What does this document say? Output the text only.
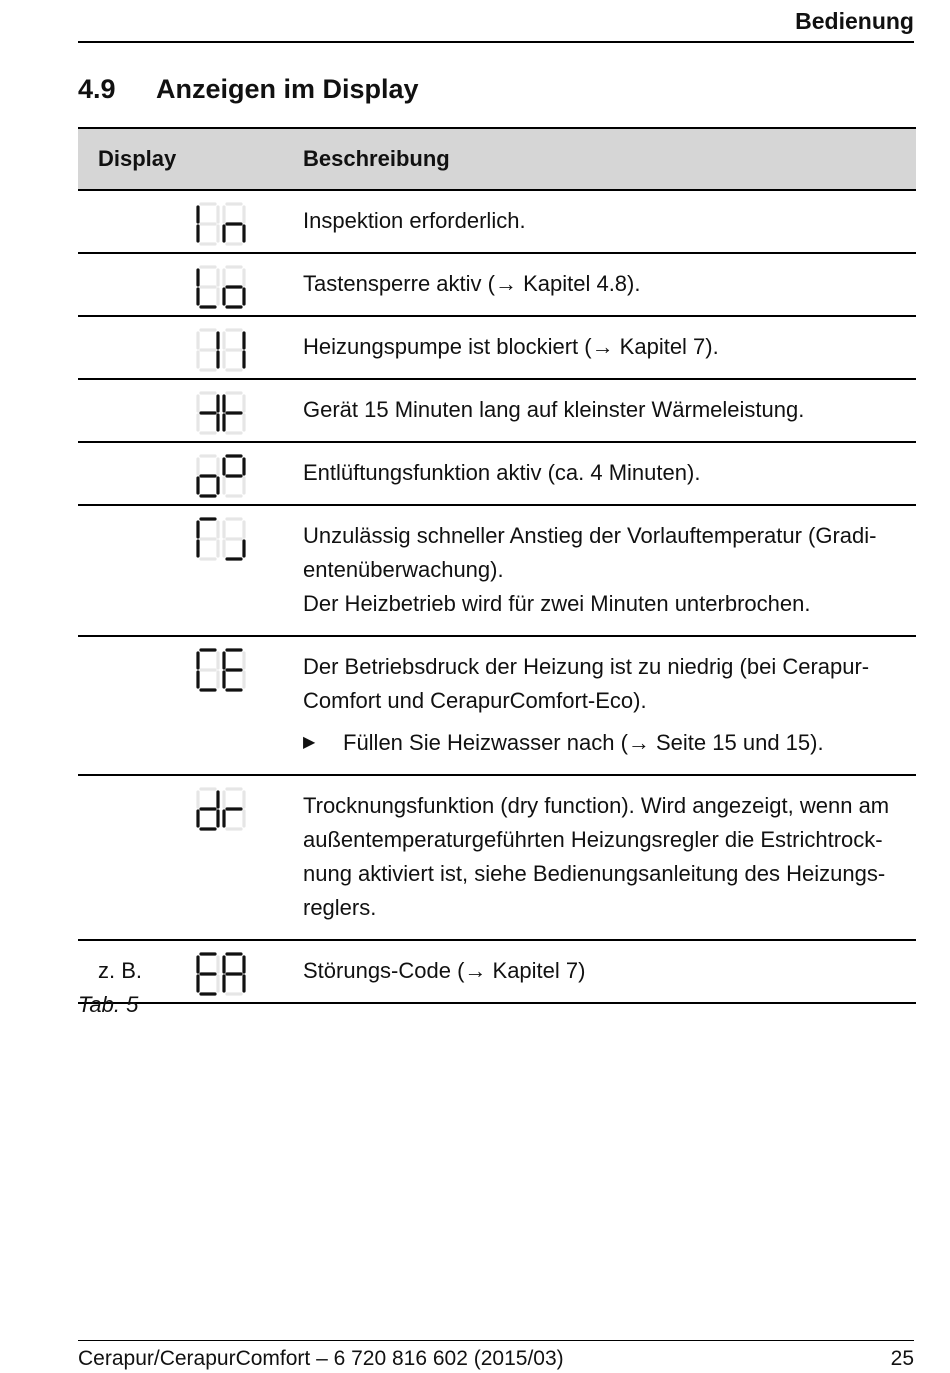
Bedienung
4.9 Anzeigen im Display
Display		Beschreibung

Inspektion erforderlich.

Tastensperre aktiv (→ Kapitel 4.8).

Heizungspumpe ist blockiert (→ Kapitel 7).

Gerät 15 Minuten lang auf kleinster Wärmeleistung.

Entlüftungsfunktion aktiv (ca. 4 Minuten).

Unzulässig schneller Anstieg der Vorlauftemperatur (Gradi-
entenüberwachung).
Der Heizbetrieb wird für zwei Minuten unterbrochen.

Der Betriebsdruck der Heizung ist zu niedrig (bei Cerapur-
Comfort und CerapurComfort-Eco).
▶ Füllen Sie Heizwasser nach (→ Seite 15 und 15).

Trocknungsfunktion (dry function). Wird angezeigt, wenn am
außentemperaturgeführten Heizungsregler die Estrichtrock-
nung aktiviert ist, siehe Bedienungsanleitung des Heizungs-
reglers.

z. B.		Störungs-Code (→ Kapitel 7)
Tab. 5
Cerapur/CerapurComfort – 6 720 816 602 (2015/03)	25
